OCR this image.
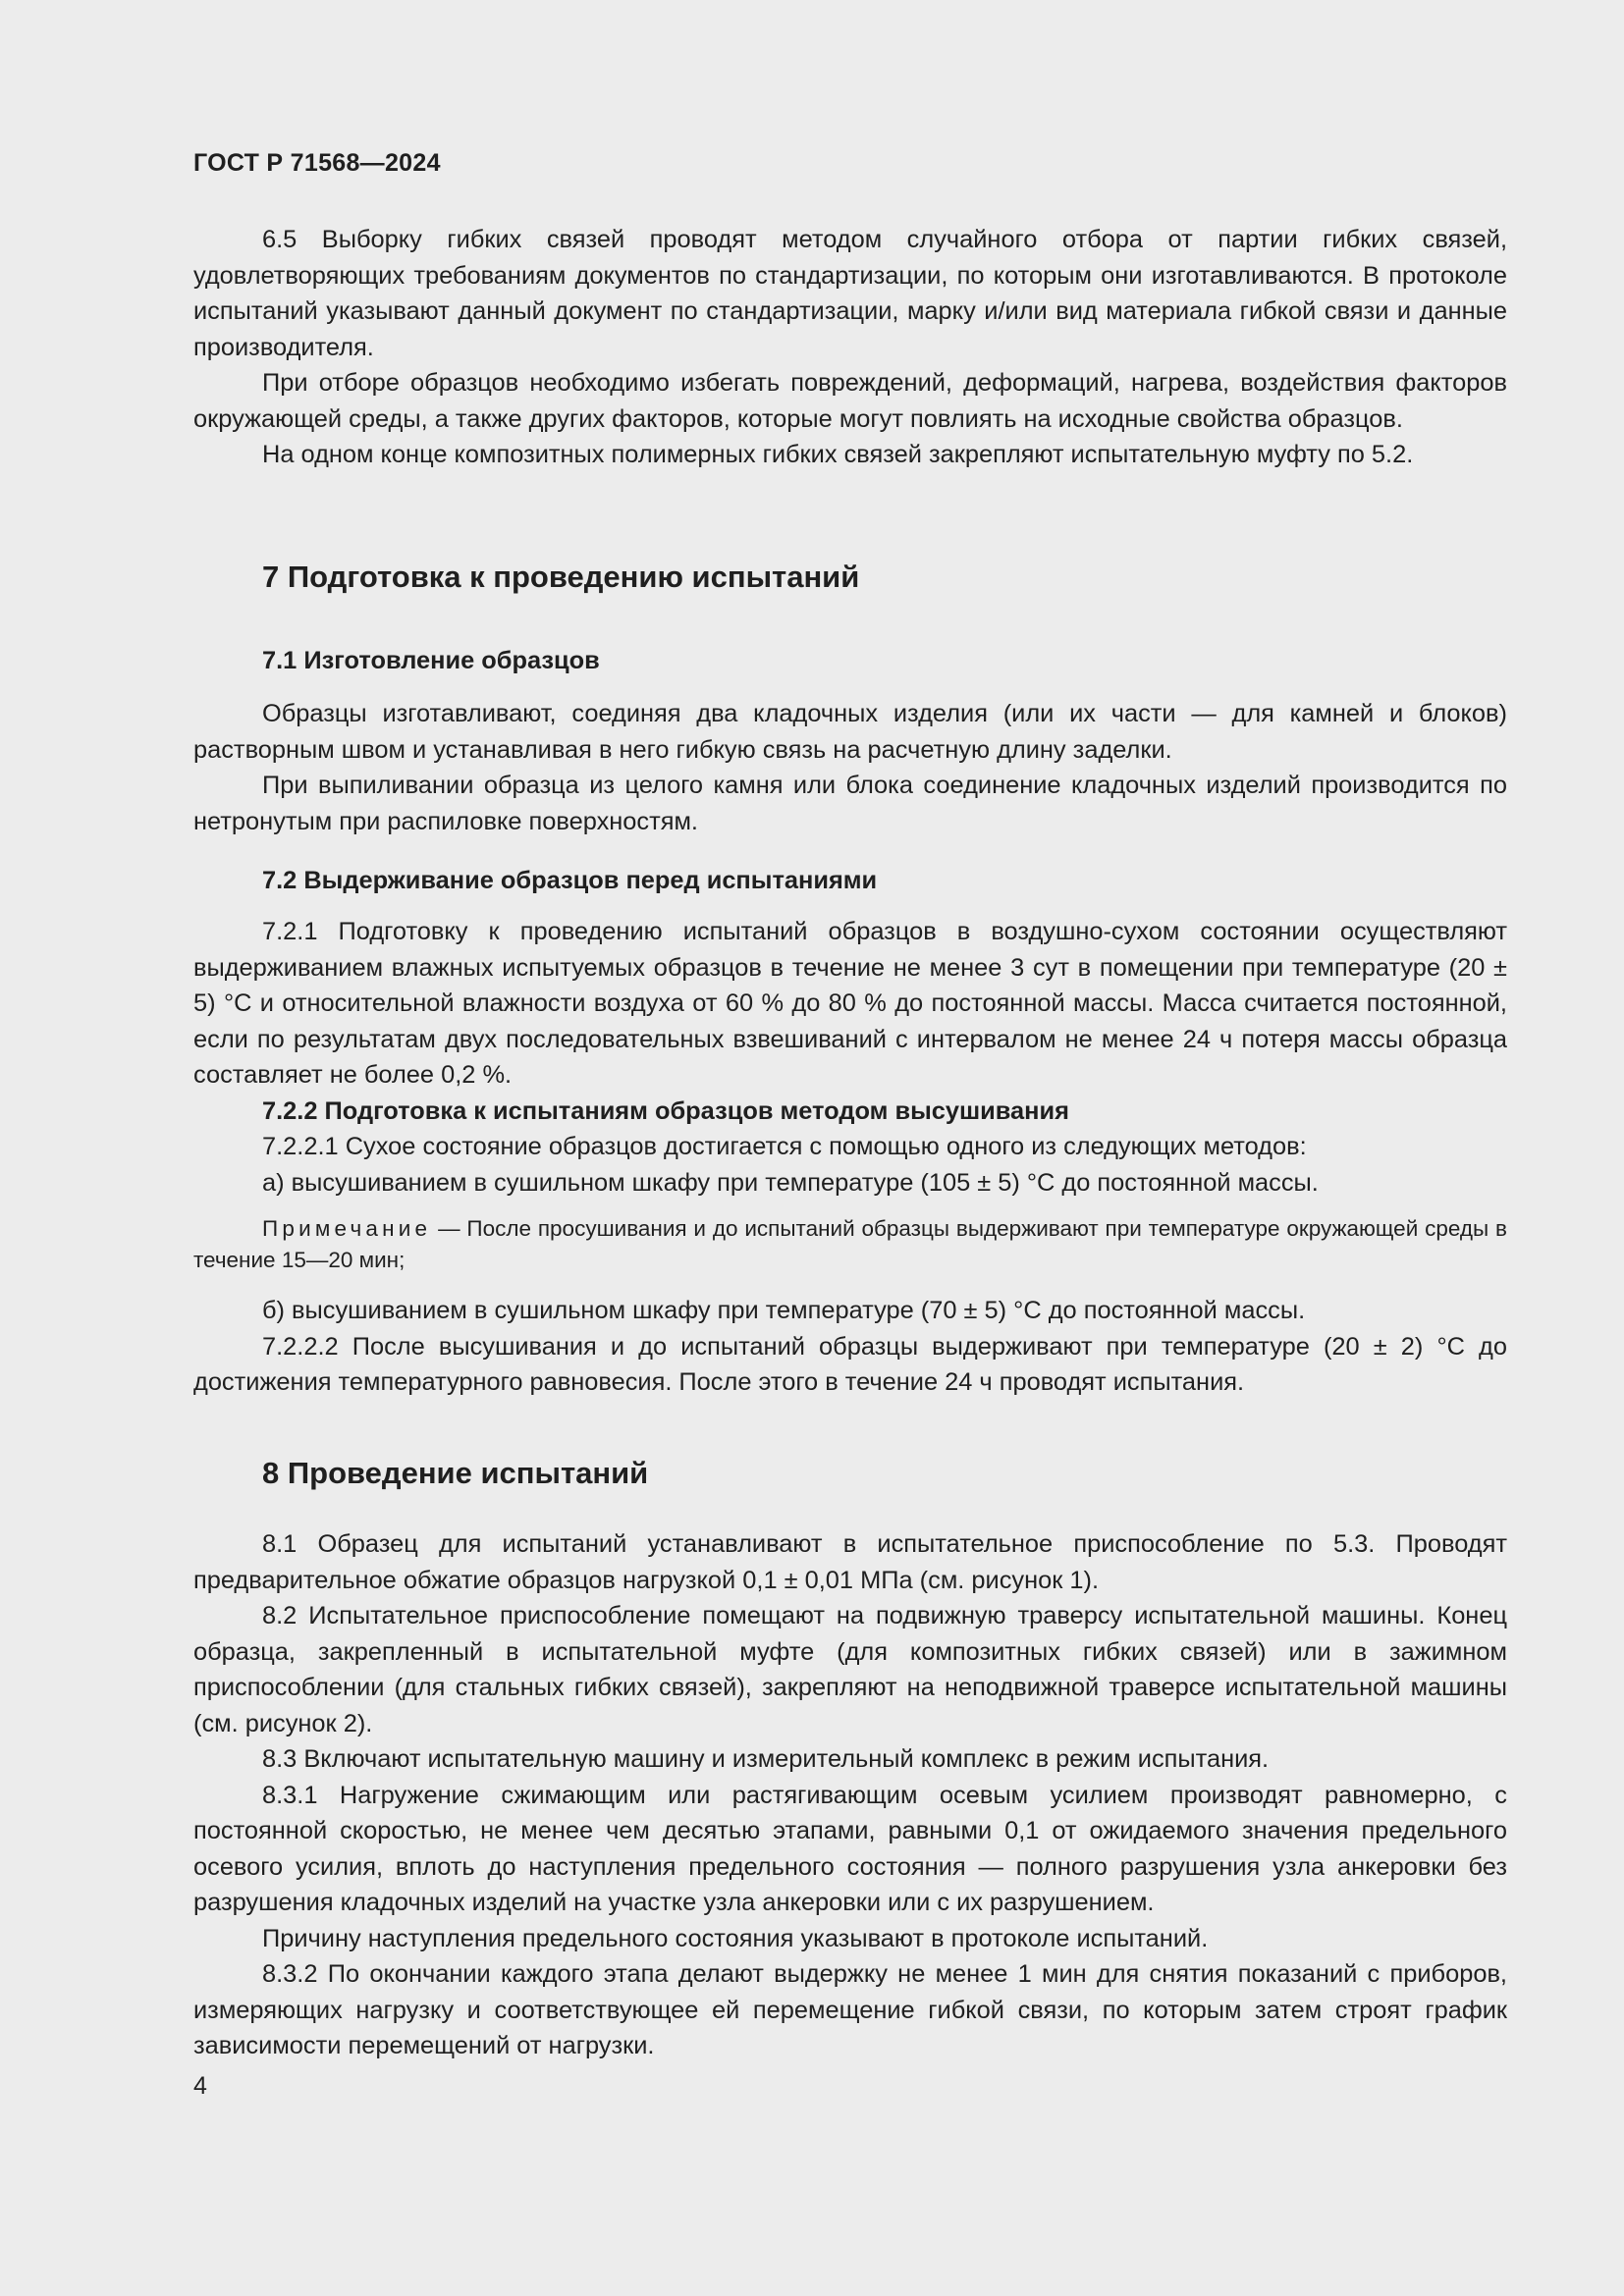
ГОСТ Р 71568—2024

6.5 Выборку гибких связей проводят методом случайного отбора от партии гибких связей, удовлетворяющих требованиям документов по стандартизации, по которым они изготавливаются. В протоколе испытаний указывают данный документ по стандартизации, марку и/или вид материала гибкой связи и данные производителя.

При отборе образцов необходимо избегать повреждений, деформаций, нагрева, воздействия факторов окружающей среды, а также других факторов, которые могут повлиять на исходные свойства образцов.

На одном конце композитных полимерных гибких связей закрепляют испытательную муфту по 5.2.

7 Подготовка к проведению испытаний
7.1 Изготовление образцов

Образцы изготавливают, соединяя два кладочных изделия (или их части — для камней и блоков) растворным швом и устанавливая в него гибкую связь на расчетную длину заделки.

При выпиливании образца из целого камня или блока соединение кладочных изделий производится по нетронутым при распиловке поверхностям.

7.2 Выдерживание образцов перед испытаниями

7.2.1 Подготовку к проведению испытаний образцов в воздушно-сухом состоянии осуществляют выдерживанием влажных испытуемых образцов в течение не менее 3 сут в помещении при температуре (20 ± 5) °С и относительной влажности воздуха от 60 % до 80 % до постоянной массы. Масса считается постоянной, если по результатам двух последовательных взвешиваний с интервалом не менее 24 ч потеря массы образца составляет не более 0,2 %.

7.2.2 Подготовка к испытаниям образцов методом высушивания

7.2.2.1 Сухое состояние образцов достигается с помощью одного из следующих методов:

а) высушиванием в сушильном шкафу при температуре (105 ± 5) °С до постоянной массы.

Примечание — После просушивания и до испытаний образцы выдерживают при температуре окружающей среды в течение 15—20 мин;

б) высушиванием в сушильном шкафу при температуре (70 ± 5) °С до постоянной массы.

7.2.2.2 После высушивания и до испытаний образцы выдерживают при температуре (20 ± 2) °С до достижения температурного равновесия. После этого в течение 24 ч проводят испытания.

8 Проведение испытаний

8.1 Образец для испытаний устанавливают в испытательное приспособление по 5.3. Проводят предварительное обжатие образцов нагрузкой 0,1 ± 0,01 МПа (см. рисунок 1).

8.2 Испытательное приспособление помещают на подвижную траверсу испытательной машины. Конец образца, закрепленный в испытательной муфте (для композитных гибких связей) или в зажимном приспособлении (для стальных гибких связей), закрепляют на неподвижной траверсе испытательной машины (см. рисунок 2).

8.3 Включают испытательную машину и измерительный комплекс в режим испытания.

8.3.1 Нагружение сжимающим или растягивающим осевым усилием производят равномерно, с постоянной скоростью, не менее чем десятью этапами, равными 0,1 от ожидаемого значения предельного осевого усилия, вплоть до наступления предельного состояния — полного разрушения узла анкеровки без разрушения кладочных изделий на участке узла анкеровки или с их разрушением.

Причину наступления предельного состояния указывают в протоколе испытаний.

8.3.2 По окончании каждого этапа делают выдержку не менее 1 мин для снятия показаний с приборов, измеряющих нагрузку и соответствующее ей перемещение гибкой связи, по которым затем строят график зависимости перемещений от нагрузки.

4
